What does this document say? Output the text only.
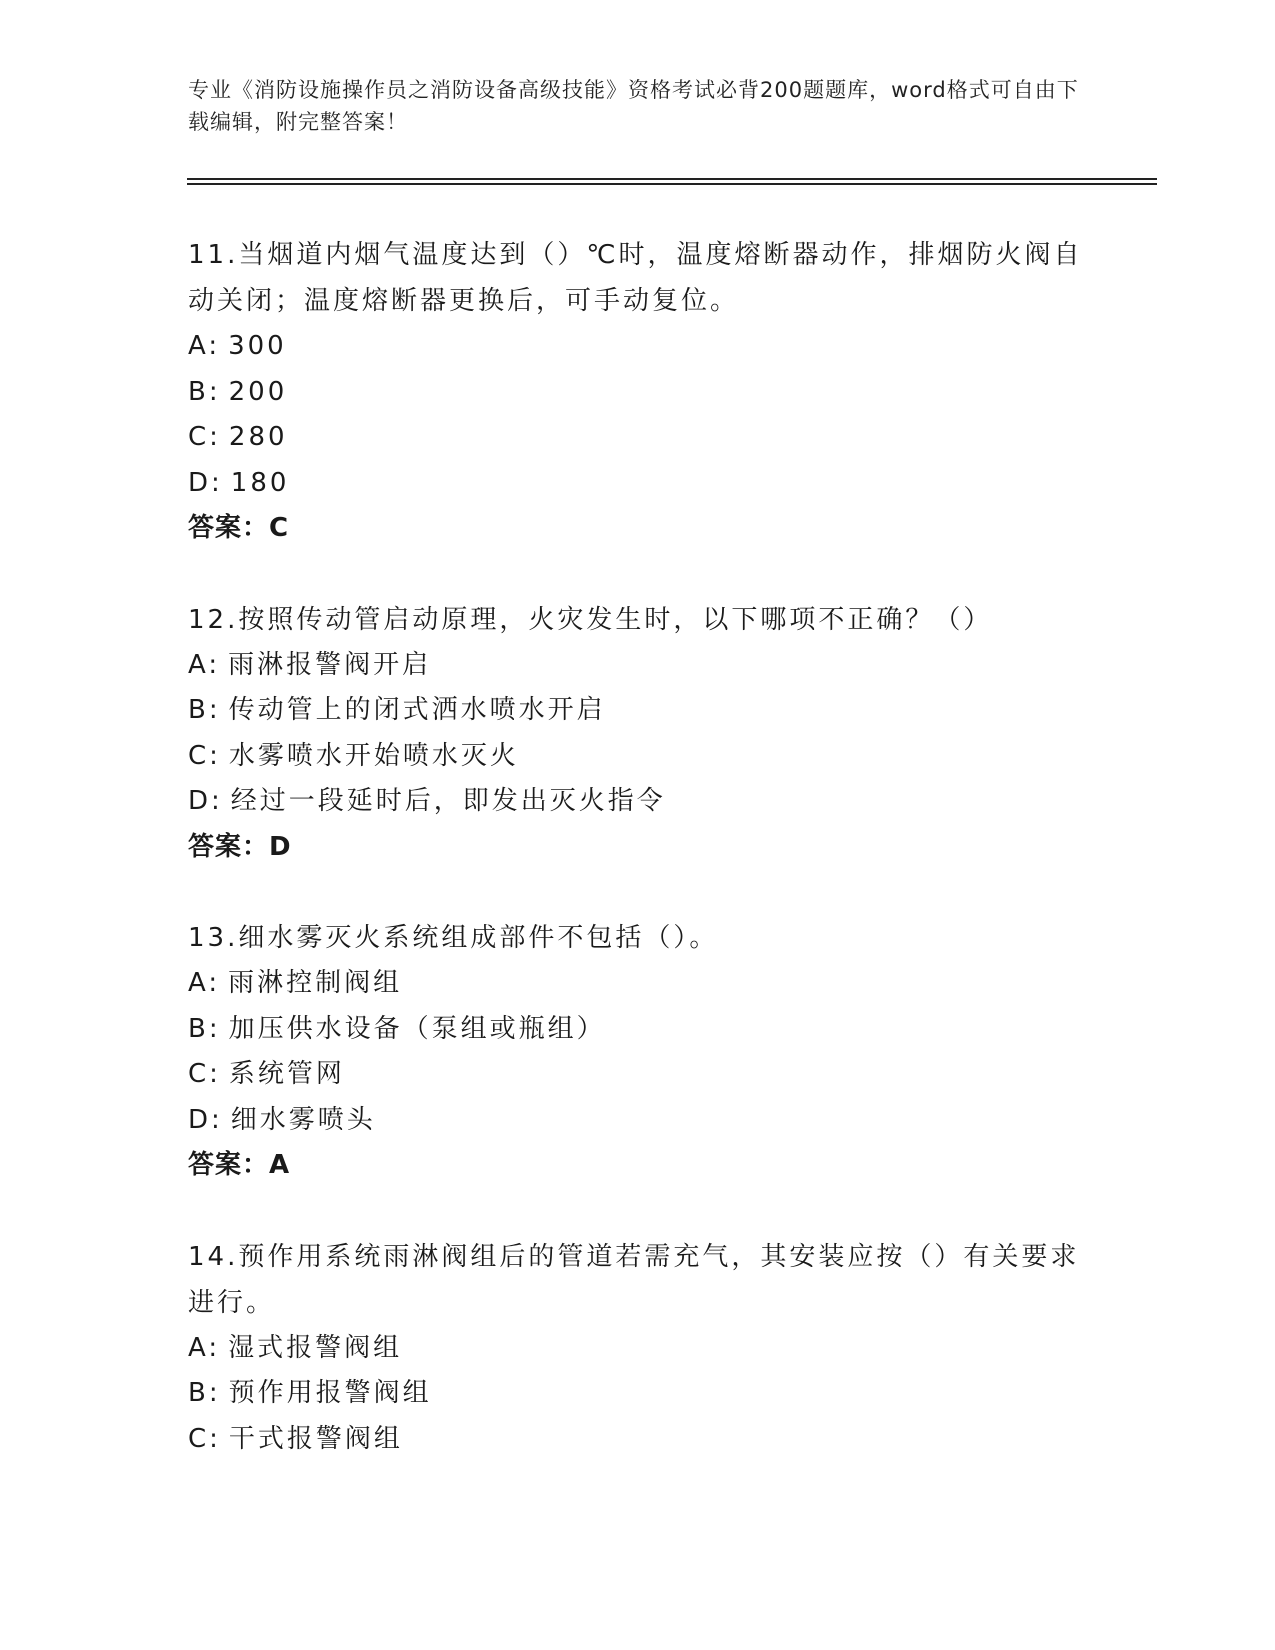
专业《消防设施操作员之消防设备高级技能》资格考试必背200题题库，word格式可自由下载编辑，附完整答案！

11.当烟道内烟气温度达到（）℃时，温度熔断器动作，排烟防火阀自动关闭；温度熔断器更换后，可手动复位。

A: 300

B: 200

C: 280

D: 180

答案：C

12.按照传动管启动原理，火灾发生时，以下哪项不正确？（）

A: 雨淋报警阀开启

B: 传动管上的闭式洒水喷水开启

C: 水雾喷水开始喷水灭火

D: 经过一段延时后，即发出灭火指令

答案：D

13.细水雾灭火系统组成部件不包括（）。

A: 雨淋控制阀组

B: 加压供水设备（泵组或瓶组）

C: 系统管网

D: 细水雾喷头

答案：A

14.预作用系统雨淋阀组后的管道若需充气，其安装应按（）有关要求进行。

A: 湿式报警阀组

B: 预作用报警阀组

C: 干式报警阀组
